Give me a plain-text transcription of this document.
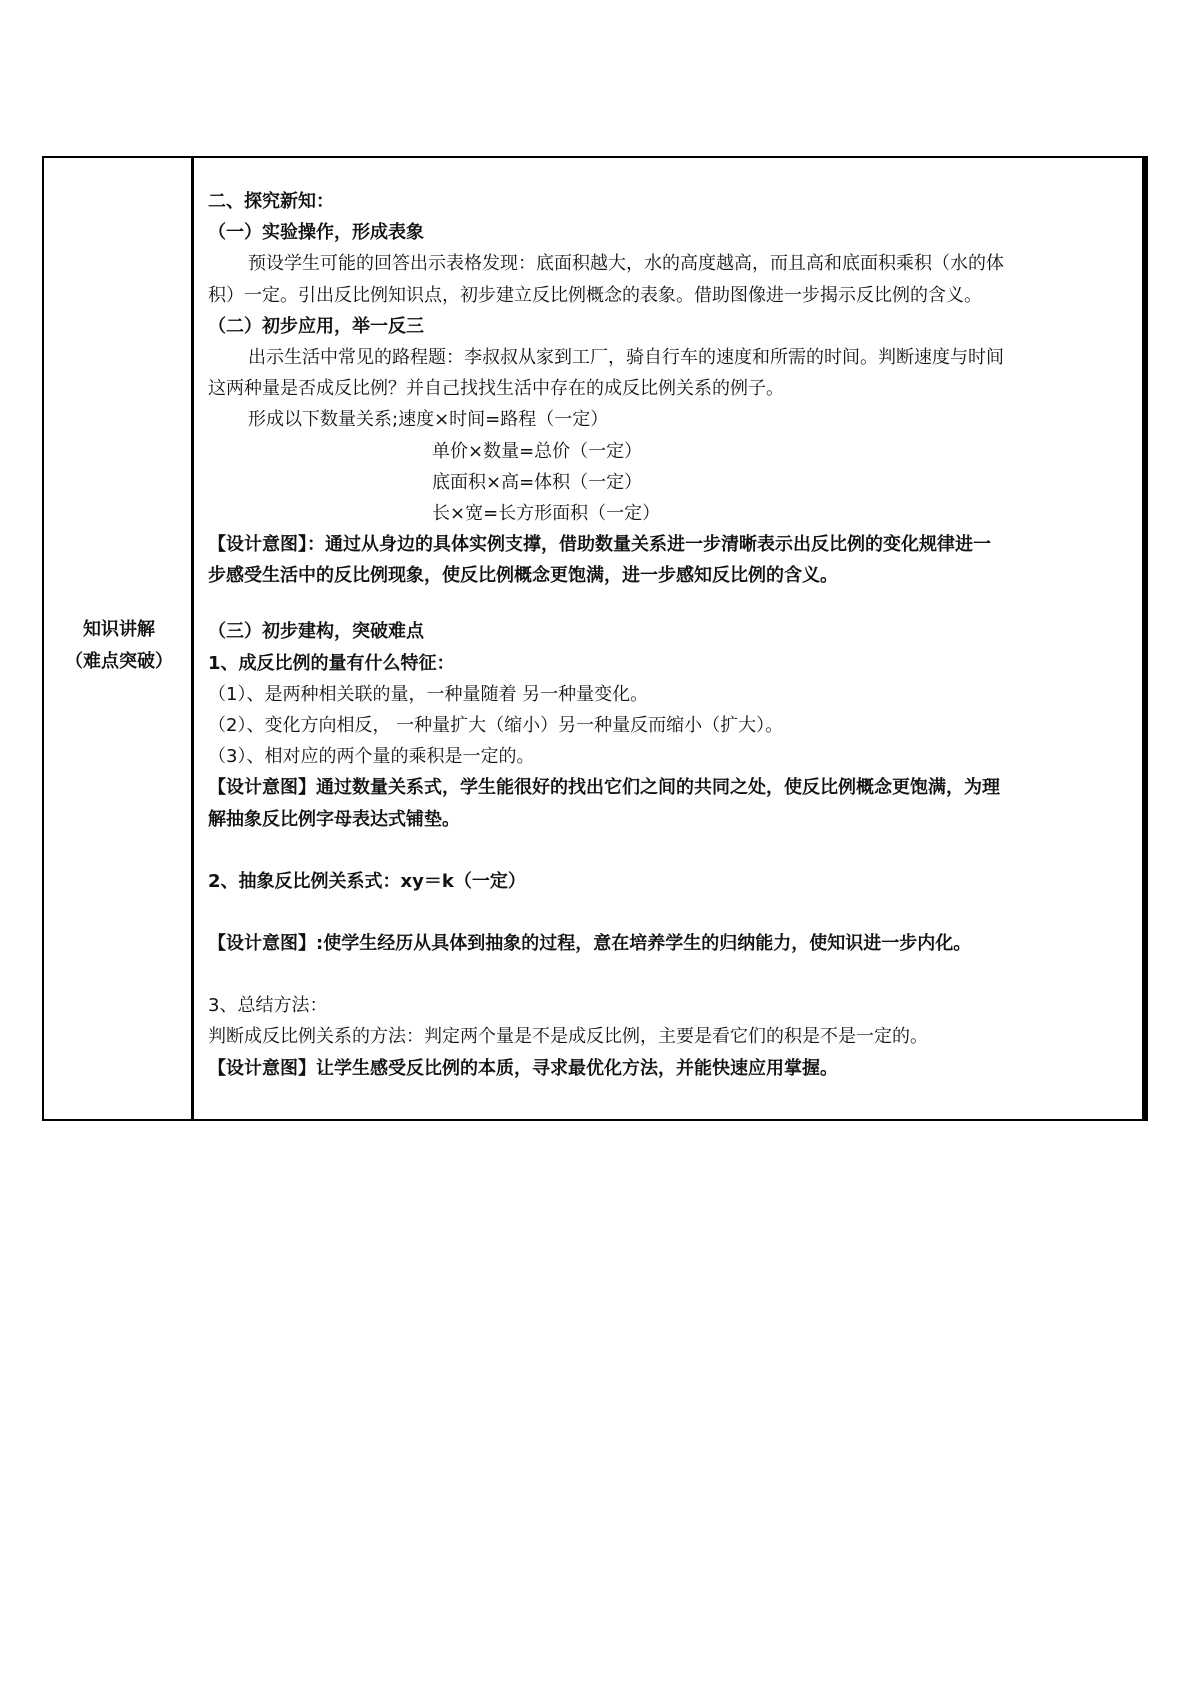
知识讲解
（难点突破）
二、探究新知：
（一）实验操作，形成表象
预设学生可能的回答出示表格发现：底面积越大，水的高度越高，而且高和底面积乘积（水的体
积）一定。引出反比例知识点，初步建立反比例概念的表象。借助图像进一步揭示反比例的含义。
（二）初步应用，举一反三
出示生活中常见的路程题：李叔叔从家到工厂，骑自行车的速度和所需的时间。判断速度与时间
这两种量是否成反比例？并自己找找生活中存在的成反比例关系的例子。
形成以下数量关系;速度×时间=路程（一定）
单价×数量=总价（一定）
底面积×高=体积（一定）
长×宽=长方形面积（一定）
【设计意图】：通过从身边的具体实例支撑，借助数量关系进一步清晰表示出反比例的变化规律进一
步感受生活中的反比例现象，使反比例概念更饱满，进一步感知反比例的含义。
（三）初步建构，突破难点
1、成反比例的量有什么特征：
（1）、是两种相关联的量，一种量随着 另一种量变化。
（2）、变化方向相反， 一种量扩大（缩小）另一种量反而缩小（扩大）。
（3）、相对应的两个量的乘积是一定的。
【设计意图】通过数量关系式，学生能很好的找出它们之间的共同之处，使反比例概念更饱满，为理
解抽象反比例字母表达式铺垫。
2、抽象反比例关系式：xy＝k（一定）
【设计意图】:使学生经历从具体到抽象的过程，意在培养学生的归纳能力，使知识进一步内化。
3、总结方法：
判断成反比例关系的方法：判定两个量是不是成反比例，主要是看它们的积是不是一定的。
【设计意图】让学生感受反比例的本质，寻求最优化方法，并能快速应用掌握。
